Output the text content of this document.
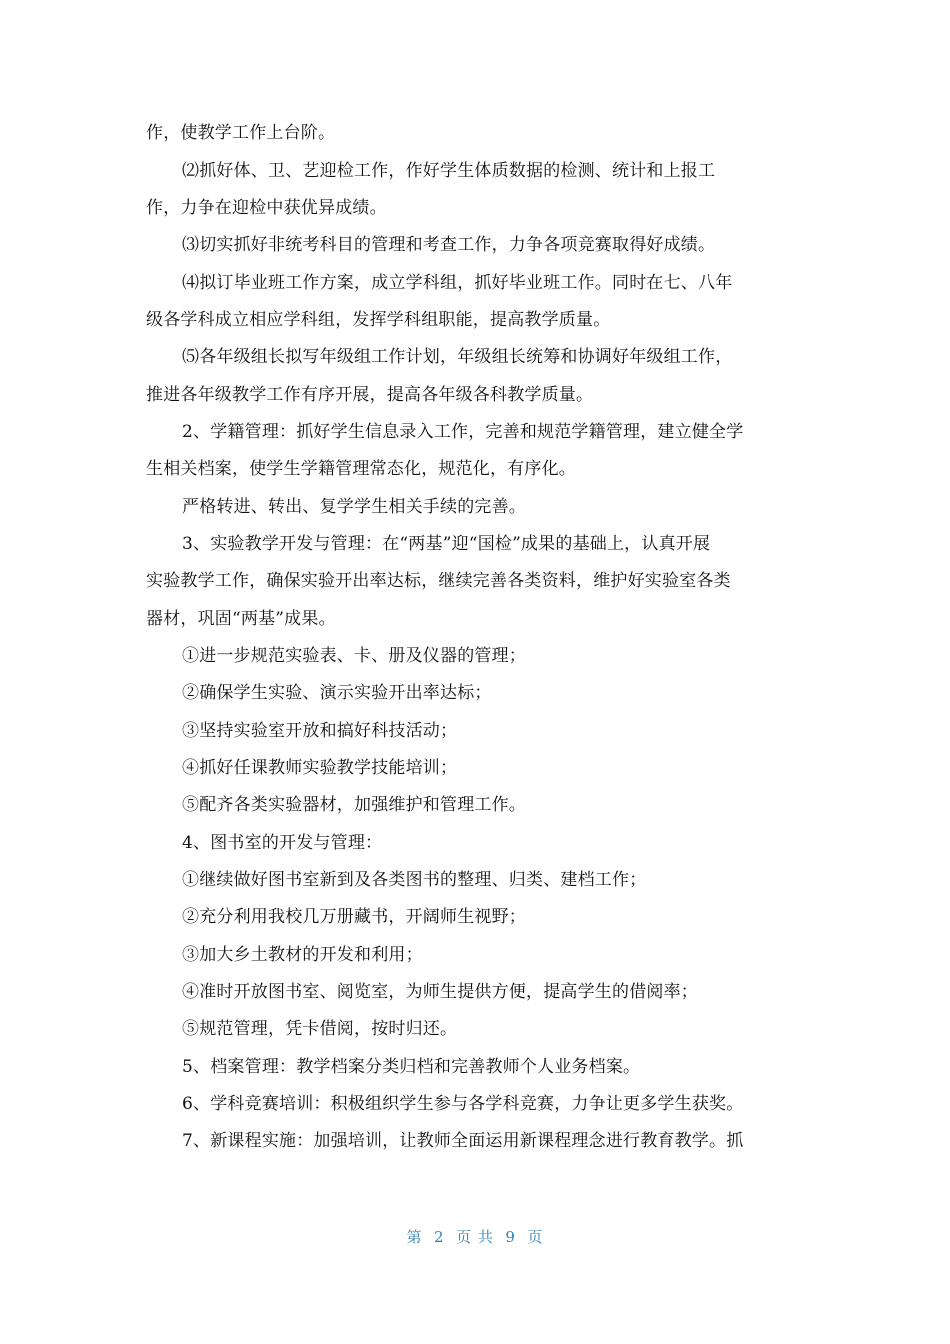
作，使教学工作上台阶。
⑵抓好体、卫、艺迎检工作，作好学生体质数据的检测、统计和上报工
作，力争在迎检中获优异成绩。
⑶切实抓好非统考科目的管理和考查工作，力争各项竞赛取得好成绩。
⑷拟订毕业班工作方案，成立学科组，抓好毕业班工作。同时在七、八年
级各学科成立相应学科组，发挥学科组职能，提高教学质量。
⑸各年级组长拟写年级组工作计划，年级组长统筹和协调好年级组工作，
推进各年级教学工作有序开展，提高各年级各科教学质量。
2、学籍管理：抓好学生信息录入工作，完善和规范学籍管理，建立健全学
生相关档案，使学生学籍管理常态化，规范化，有序化。
严格转进、转出、复学学生相关手续的完善。
3、实验教学开发与管理：在“两基”迎“国检”成果的基础上，认真开展
实验教学工作，确保实验开出率达标，继续完善各类资料，维护好实验室各类
器材，巩固“两基”成果。
①进一步规范实验表、卡、册及仪器的管理；
②确保学生实验、演示实验开出率达标；
③坚持实验室开放和搞好科技活动；
④抓好任课教师实验教学技能培训；
⑤配齐各类实验器材，加强维护和管理工作。
4、图书室的开发与管理：
①继续做好图书室新到及各类图书的整理、归类、建档工作；
②充分利用我校几万册藏书，开阔师生视野；
③加大乡土教材的开发和利用；
④准时开放图书室、阅览室，为师生提供方便，提高学生的借阅率；
⑤规范管理，凭卡借阅，按时归还。
5、档案管理：教学档案分类归档和完善教师个人业务档案。
6、学科竞赛培训：积极组织学生参与各学科竞赛，力争让更多学生获奖。
7、新课程实施：加强培训，让教师全面运用新课程理念进行教育教学。抓
第  2  页 共  9  页
